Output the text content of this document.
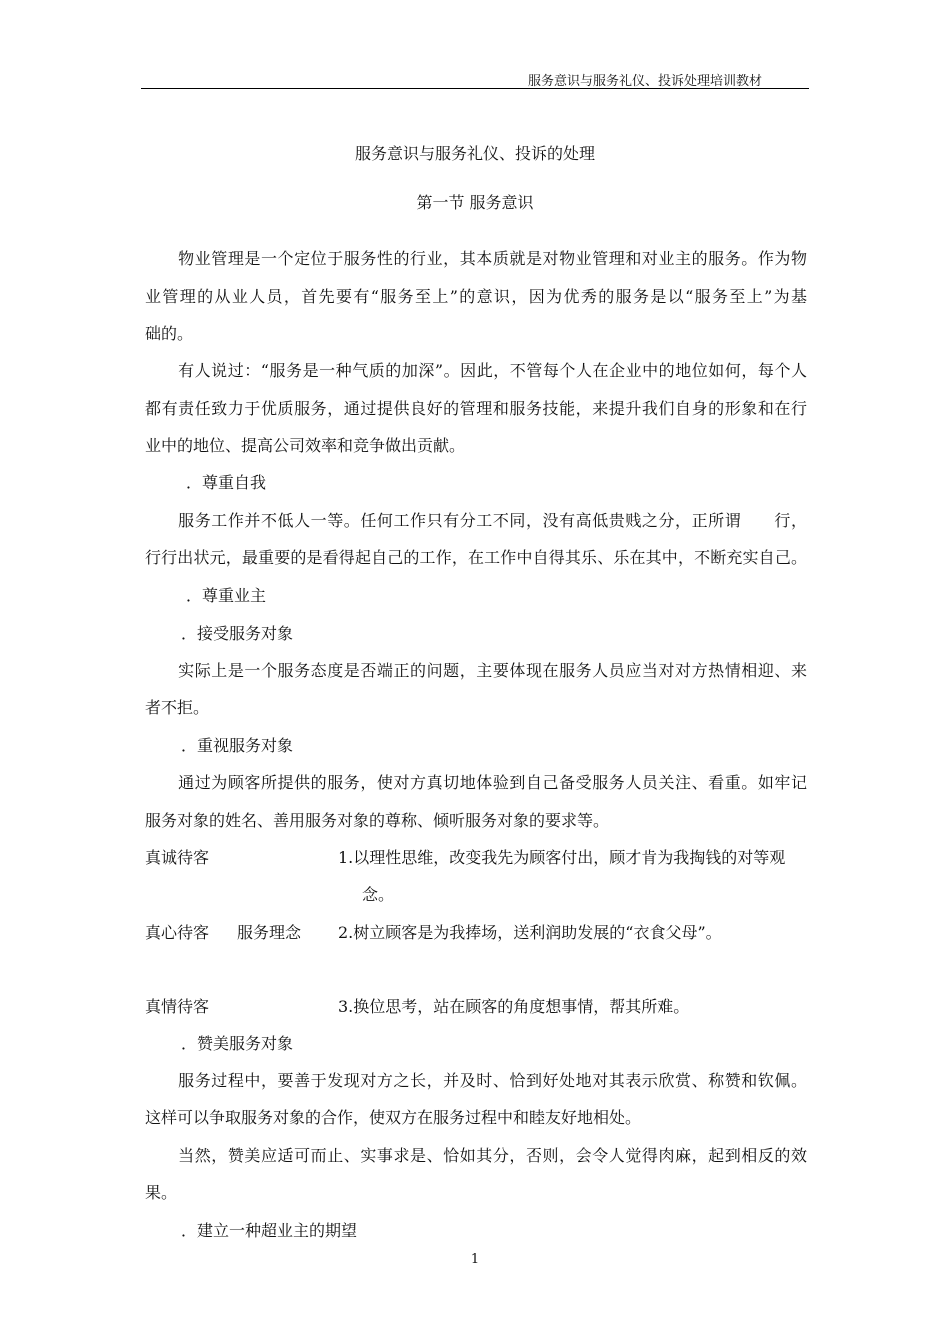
服务意识与服务礼仪、投诉处理培训教材
服务意识与服务礼仪、投诉的处理
第一节 服务意识
　　物业管理是一个定位于服务性的行业，其本质就是对物业管理和对业主的服务。作为物
业管理的从业人员，首先要有“服务至上”的意识，因为优秀的服务是以“服务至上”为基
础的。
　　有人说过：“服务是一种气质的加深”。因此，不管每个人在企业中的地位如何，每个人
都有责任致力于优质服务，通过提供良好的管理和服务技能，来提升我们自身的形象和在行
业中的地位、提高公司效率和竞争做出贡献。
．尊重自我
　　服务工作并不低人一等。任何工作只有分工不同，没有高低贵贱之分，正所谓　　行，
行行出状元，最重要的是看得起自己的工作，在工作中自得其乐、乐在其中，不断充实自己。
．尊重业主
．接受服务对象
　　实际上是一个服务态度是否端正的问题，主要体现在服务人员应当对对方热情相迎、来
者不拒。
．重视服务对象
　　通过为顾客所提供的服务，使对方真切地体验到自己备受服务人员关注、看重。如牢记
服务对象的姓名、善用服务对象的尊称、倾听服务对象的要求等。
真诚待客	1.以理性思维，改变我先为顾客付出，顾才肯为我掏钱的对等观
念。
真心待客 服务理念 2.树立顾客是为我捧场，送利润助发展的“衣食父母”。
真情待客	3.换位思考，站在顾客的角度想事情，帮其所难。
．赞美服务对象
　　服务过程中，要善于发现对方之长，并及时、恰到好处地对其表示欣赏、称赞和钦佩。
这样可以争取服务对象的合作，使双方在服务过程中和睦友好地相处。
　　当然，赞美应适可而止、实事求是、恰如其分，否则，会令人觉得肉麻，起到相反的效
果。
．建立一种超业主的期望
1
